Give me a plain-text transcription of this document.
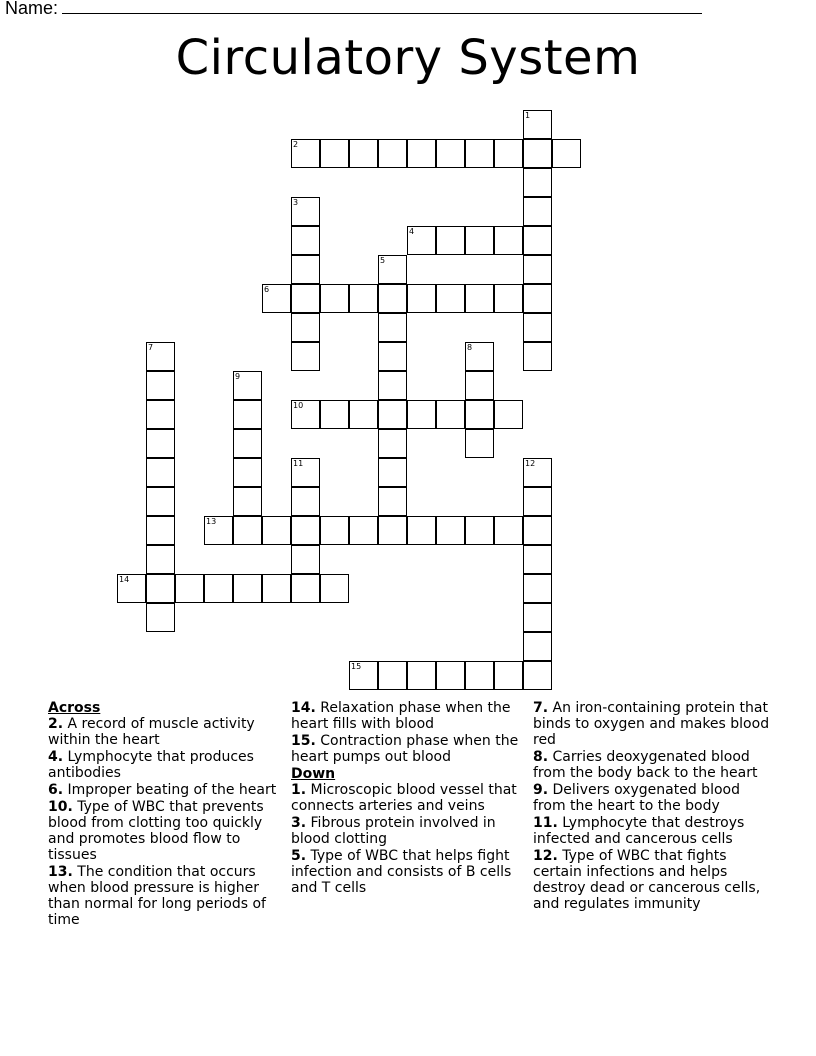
Name:
Circulatory System
1
2
3
4
5
6
7	8
9
10
11	12
13
14
15
Across
2. A record of muscle activity within the heart
4. Lymphocyte that produces antibodies
6. Improper beating of the heart
10. Type of WBC that prevents blood from clotting too quickly and promotes blood flow to tissues
13. The condition that occurs when blood pressure is higher than normal for long periods of time
14. Relaxation phase when the heart fills with blood
15. Contraction phase when the heart pumps out blood
Down
1. Microscopic blood vessel that connects arteries and veins
3. Fibrous protein involved in blood clotting
5. Type of WBC that helps fight infection and consists of B cells and T cells
7. An iron-containing protein that binds to oxygen and makes blood red
8. Carries deoxygenated blood from the body back to the heart
9. Delivers oxygenated blood from the heart to the body
11. Lymphocyte that destroys infected and cancerous cells
12. Type of WBC that fights certain infections and helps destroy dead or cancerous cells, and regulates immunity
